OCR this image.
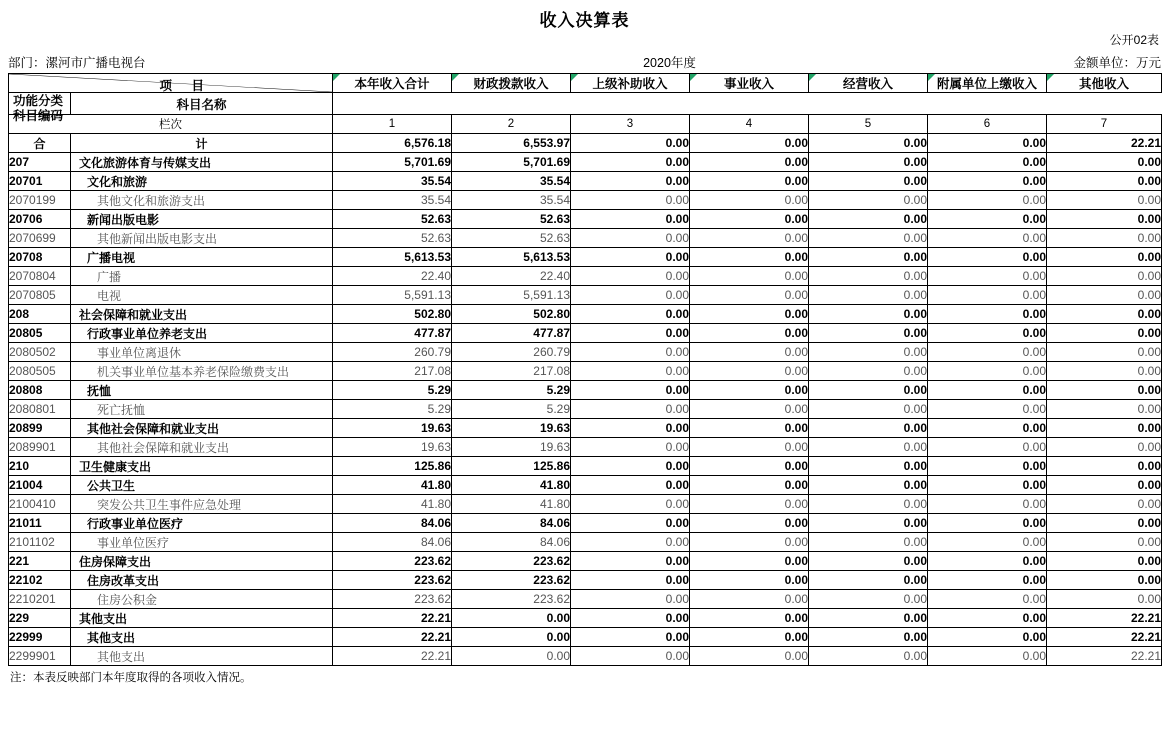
收入决算表
公开02表
部门：漯河市广播电视台	2020年度	金额单位：万元
项 目
功能分类
科目编码		本年收入合计	财政拨款收入	上级补助收入	事业收入	经营收入	附属单位上缴收入	其他收入

	科目名称							
栏次		1	2	3	4	5	6	7
合	计	6,576.18	6,553.97	0.00	0.00	0.00	0.00	22.21
207	文化旅游体育与传媒支出	5,701.69	5,701.69	0.00	0.00	0.00	0.00	0.00
20701	文化和旅游	35.54	35.54	0.00	0.00	0.00	0.00	0.00
2070199	其他文化和旅游支出	35.54	35.54	0.00	0.00	0.00	0.00	0.00
20706	新闻出版电影	52.63	52.63	0.00	0.00	0.00	0.00	0.00
2070699	其他新闻出版电影支出	52.63	52.63	0.00	0.00	0.00	0.00	0.00
20708	广播电视	5,613.53	5,613.53	0.00	0.00	0.00	0.00	0.00
2070804	广播	22.40	22.40	0.00	0.00	0.00	0.00	0.00
2070805	电视	5,591.13	5,591.13	0.00	0.00	0.00	0.00	0.00
208	社会保障和就业支出	502.80	502.80	0.00	0.00	0.00	0.00	0.00
20805	行政事业单位养老支出	477.87	477.87	0.00	0.00	0.00	0.00	0.00
2080502	事业单位离退休	260.79	260.79	0.00	0.00	0.00	0.00	0.00
2080505	机关事业单位基本养老保险缴费支出	217.08	217.08	0.00	0.00	0.00	0.00	0.00
20808	抚恤	5.29	5.29	0.00	0.00	0.00	0.00	0.00
2080801	死亡抚恤	5.29	5.29	0.00	0.00	0.00	0.00	0.00
20899	其他社会保障和就业支出	19.63	19.63	0.00	0.00	0.00	0.00	0.00
2089901	其他社会保障和就业支出	19.63	19.63	0.00	0.00	0.00	0.00	0.00
210	卫生健康支出	125.86	125.86	0.00	0.00	0.00	0.00	0.00
21004	公共卫生	41.80	41.80	0.00	0.00	0.00	0.00	0.00
2100410	突发公共卫生事件应急处理	41.80	41.80	0.00	0.00	0.00	0.00	0.00
21011	行政事业单位医疗	84.06	84.06	0.00	0.00	0.00	0.00	0.00
2101102	事业单位医疗	84.06	84.06	0.00	0.00	0.00	0.00	0.00
221	住房保障支出	223.62	223.62	0.00	0.00	0.00	0.00	0.00
22102	住房改革支出	223.62	223.62	0.00	0.00	0.00	0.00	0.00
2210201	住房公积金	223.62	223.62	0.00	0.00	0.00	0.00	0.00
229	其他支出	22.21	0.00	0.00	0.00	0.00	0.00	22.21
22999	其他支出	22.21	0.00	0.00	0.00	0.00	0.00	22.21
2299901	其他支出	22.21	0.00	0.00	0.00	0.00	0.00	22.21
注：本表反映部门本年度取得的各项收入情况。
